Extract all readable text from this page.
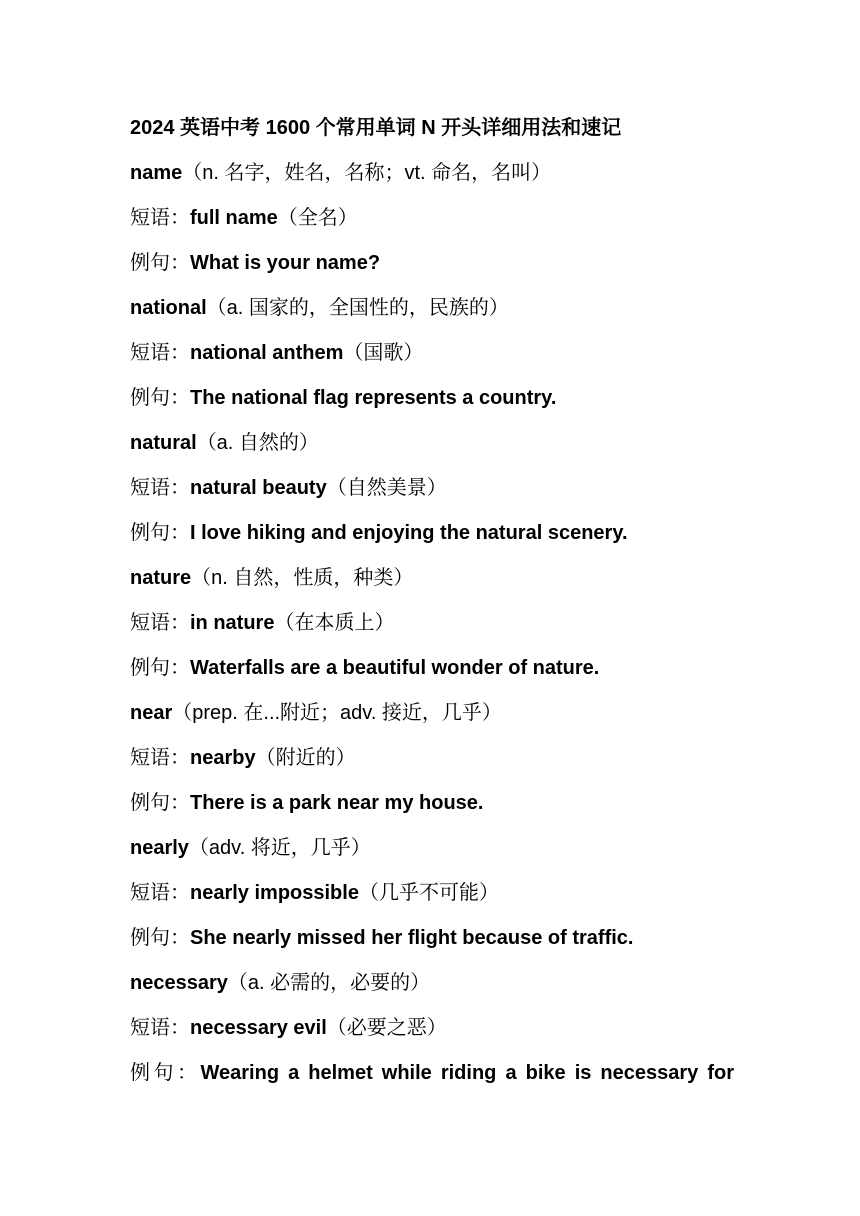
2024 英语中考 1600 个常用单词 N 开头详细用法和速记
name（n. 名字，姓名，名称；vt. 命名，名叫）
短语：full name（全名）
例句：What is your name?
national（a. 国家的，全国性的，民族的）
短语：national anthem（国歌）
例句：The national flag represents a country.
natural（a. 自然的）
短语：natural beauty（自然美景）
例句：I love hiking and enjoying the natural scenery.
nature（n. 自然，性质，种类）
短语：in nature（在本质上）
例句：Waterfalls are a beautiful wonder of nature.
near（prep. 在...附近；adv. 接近，几乎）
短语：nearby（附近的）
例句：There is a park near my house.
nearly（adv. 将近，几乎）
短语：nearly impossible（几乎不可能）
例句：She nearly missed her flight because of traffic.
necessary（a. 必需的，必要的）
短语：necessary evil（必要之恶）
例句：Wearing a helmet while riding a bike is necessary for
